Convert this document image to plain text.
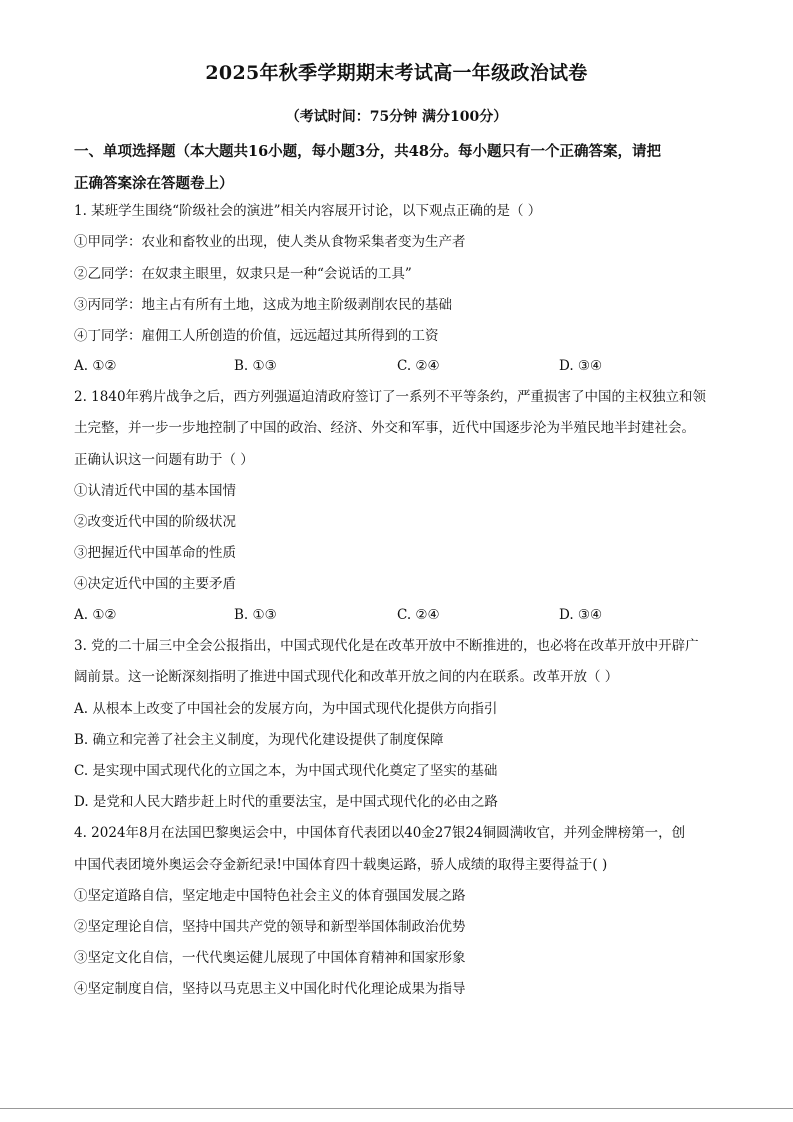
2025年秋季学期期末考试高一年级政治试卷
（考试时间：75分钟 满分100分）
一、单项选择题（本大题共16小题，每小题3分，共48分。每小题只有一个正确答案，请把
正确答案涂在答题卷上）
1. 某班学生围绕“阶级社会的演进”相关内容展开讨论，以下观点正确的是（ ）
①甲同学：农业和畜牧业的出现，使人类从食物采集者变为生产者
②乙同学：在奴隶主眼里，奴隶只是一种“会说话的工具”
③丙同学：地主占有所有土地，这成为地主阶级剥削农民的基础
④丁同学：雇佣工人所创造的价值，远远超过其所得到的工资
A. ①②	B. ①③	C. ②④	D. ③④
2. 1840年鸦片战争之后，西方列强逼迫清政府签订了一系列不平等条约，严重损害了中国的主权独立和领
土完整，并一步一步地控制了中国的政治、经济、外交和军事，近代中国逐步沦为半殖民地半封建社会。
正确认识这一问题有助于（ ）
①认清近代中国的基本国情
②改变近代中国的阶级状况
③把握近代中国革命的性质
④决定近代中国的主要矛盾
A. ①②	B. ①③	C. ②④	D. ③④
3. 党的二十届三中全会公报指出，中国式现代化是在改革开放中不断推进的，也必将在改革开放中开辟广
阔前景。这一论断深刻指明了推进中国式现代化和改革开放之间的内在联系。改革开放（ ）
A. 从根本上改变了中国社会的发展方向，为中国式现代化提供方向指引
B. 确立和完善了社会主义制度，为现代化建设提供了制度保障
C. 是实现中国式现代化的立国之本，为中国式现代化奠定了坚实的基础
D. 是党和人民大踏步赶上时代的重要法宝，是中国式现代化的必由之路
4. 2024年8月在法国巴黎奥运会中，中国体育代表团以40金27银24铜圆满收官，并列金牌榜第一，创
中国代表团境外奥运会夺金新纪录!中国体育四十载奥运路，骄人成绩的取得主要得益于( )
①坚定道路自信，坚定地走中国特色社会主义的体育强国发展之路
②坚定理论自信，坚持中国共产党的领导和新型举国体制政治优势
③坚定文化自信，一代代奥运健儿展现了中国体育精神和国家形象
④坚定制度自信，坚持以马克思主义中国化时代化理论成果为指导
